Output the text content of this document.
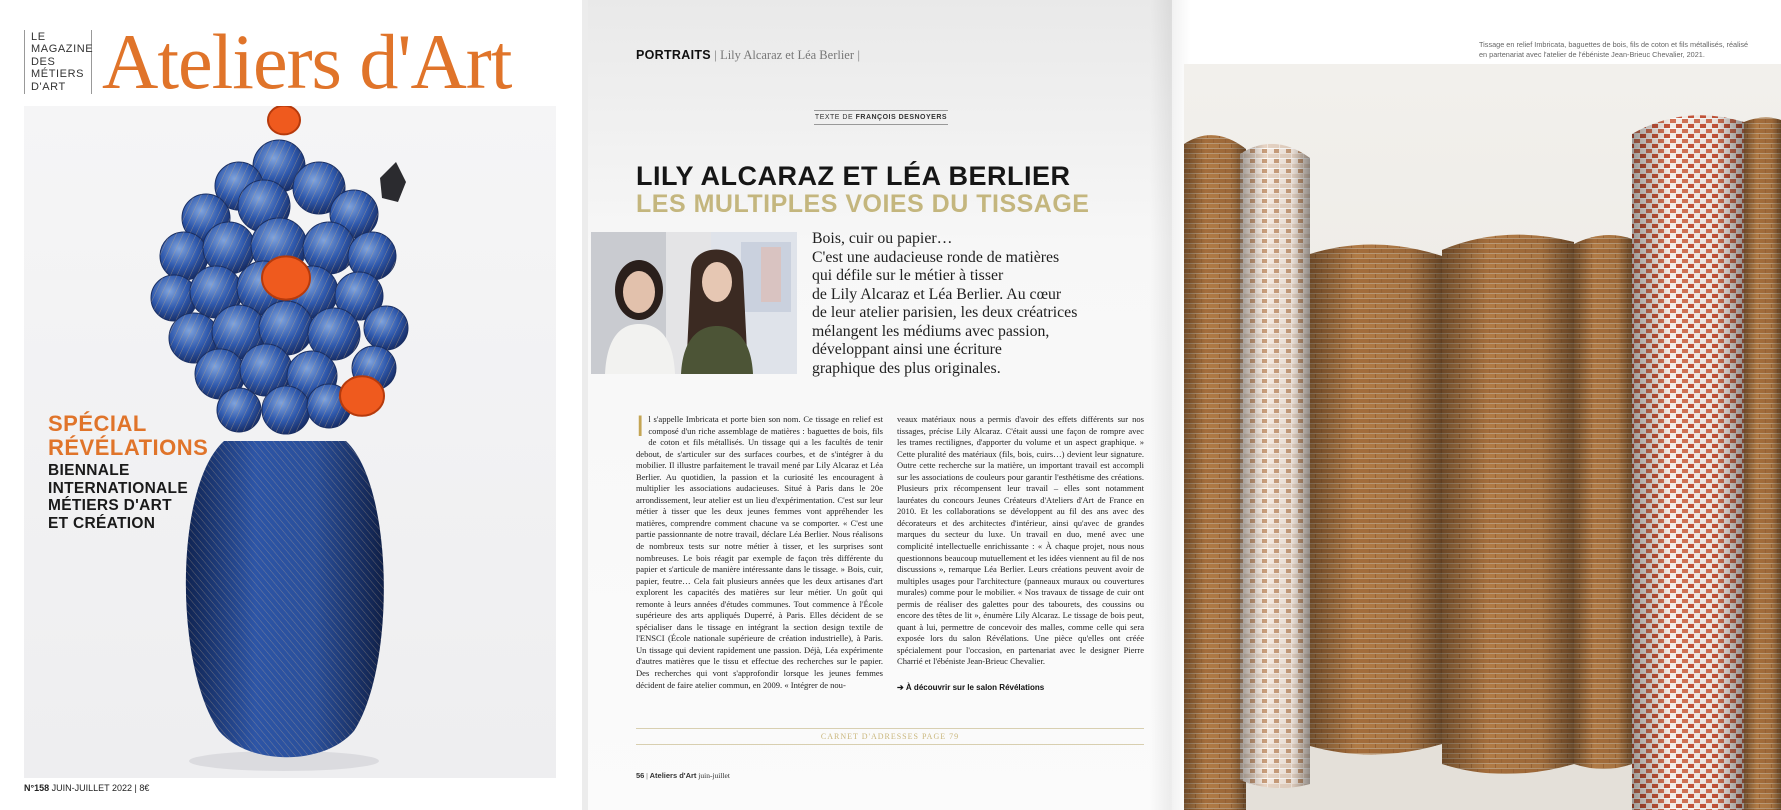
LE
MAGAZINE
DES
MÉTIERS
D'ART Ateliers d'Art
SPÉCIAL
RÉVÉLATIONS
BIENNALE
INTERNATIONALE
MÉTIERS D'ART
ET CRÉATION
N°158 JUIN-JUILLET 2022 | 8€
PORTRAITS | Lily Alcaraz et Léa Berlier |
TEXTE DE FRANÇOIS DESNOYERS
LILY ALCARAZ ET LÉA BERLIER
LES MULTIPLES VOIES DU TISSAGE
Bois, cuir ou papier…
C'est une audacieuse ronde de matières
qui défile sur le métier à tisser
de Lily Alcaraz et Léa Berlier. Au cœur
de leur atelier parisien, les deux créatrices
mélangent les médiums avec passion,
développant ainsi une écriture
graphique des plus originales.
I l s'appelle Imbricata et porte bien son nom. Ce tissage en relief est composé d'un riche assemblage de matières : baguettes de bois, fils de coton et fils métallisés. Un tissage qui a les facultés de tenir debout, de s'articuler sur des surfaces courbes, et de s'intégrer à du mobilier. Il illustre parfaitement le travail mené par Lily Alcaraz et Léa Berlier. Au quotidien, la passion et la curiosité les encouragent à multiplier les associations audacieuses. Situé à Paris dans le 20e arrondissement, leur atelier est un lieu d'expérimentation. C'est sur leur métier à tisser que les deux jeunes femmes vont appréhender les matières, comprendre comment chacune va se comporter. « C'est une partie passionnante de notre travail, déclare Léa Berlier. Nous réalisons de nombreux tests sur notre métier à tisser, et les surprises sont nombreuses. Le bois réagit par exemple de façon très différente du papier et s'articule de manière intéressante dans le tissage. » Bois, cuir, papier, feutre… Cela fait plusieurs années que les deux artisanes d'art explorent les capacités des matières sur leur métier. Un goût qui remonte à leurs années d'études communes. Tout commence à l'École supérieure des arts appliqués Duperré, à Paris. Elles décident de se spécialiser dans le tissage en intégrant la section design textile de l'ENSCI (École nationale supérieure de création industrielle), à Paris. Un tissage qui devient rapidement une passion. Déjà, Léa expérimente d'autres matières que le tissu et effectue des recherches sur le papier. Des recherches qui vont s'approfondir lorsque les jeunes femmes décident de faire atelier commun, en 2009. « Intégrer de nou-

veaux matériaux nous a permis d'avoir des effets différents sur nos tissages, précise Lily Alcaraz. C'était aussi une façon de rompre avec les trames rectilignes, d'apporter du volume et un aspect graphique. » Cette pluralité des matériaux (fils, bois, cuirs…) devient leur signature. Outre cette recherche sur la matière, un important travail est accompli sur les associations de couleurs pour garantir l'esthétisme des créations. Plusieurs prix récompensent leur travail – elles sont notamment lauréates du concours Jeunes Créateurs d'Ateliers d'Art de France en 2010. Et les collaborations se développent au fil des ans avec des décorateurs et des architectes d'intérieur, ainsi qu'avec de grandes marques du secteur du luxe. Un travail en duo, mené avec une complicité intellectuelle enrichissante : « À chaque projet, nous nous questionnons beaucoup mutuellement et les idées viennent au fil de nos discussions », remarque Léa Berlier. Leurs créations peuvent avoir de multiples usages pour l'architecture (panneaux muraux ou couvertures murales) comme pour le mobilier. « Nos travaux de tissage de cuir ont permis de réaliser des galettes pour des tabourets, des coussins ou encore des têtes de lit », énumère Lily Alcaraz. Le tissage de bois peut, quant à lui, permettre de concevoir des malles, comme celle qui sera exposée lors du salon Révélations. Une pièce qu'elles ont créée spécialement pour l'occasion, en partenariat avec le designer Pierre Charrié et l'ébéniste Jean-Brieuc Chevalier.

➔ À découvrir sur le salon Révélations
CARNET D'ADRESSES PAGE 79
56 | Ateliers d'Art juin-juillet
Tissage en relief Imbricata, baguettes de bois, fils de coton et fils métallisés, réalisé en partenariat avec l'atelier de l'ébéniste Jean-Brieuc Chevalier, 2021.
